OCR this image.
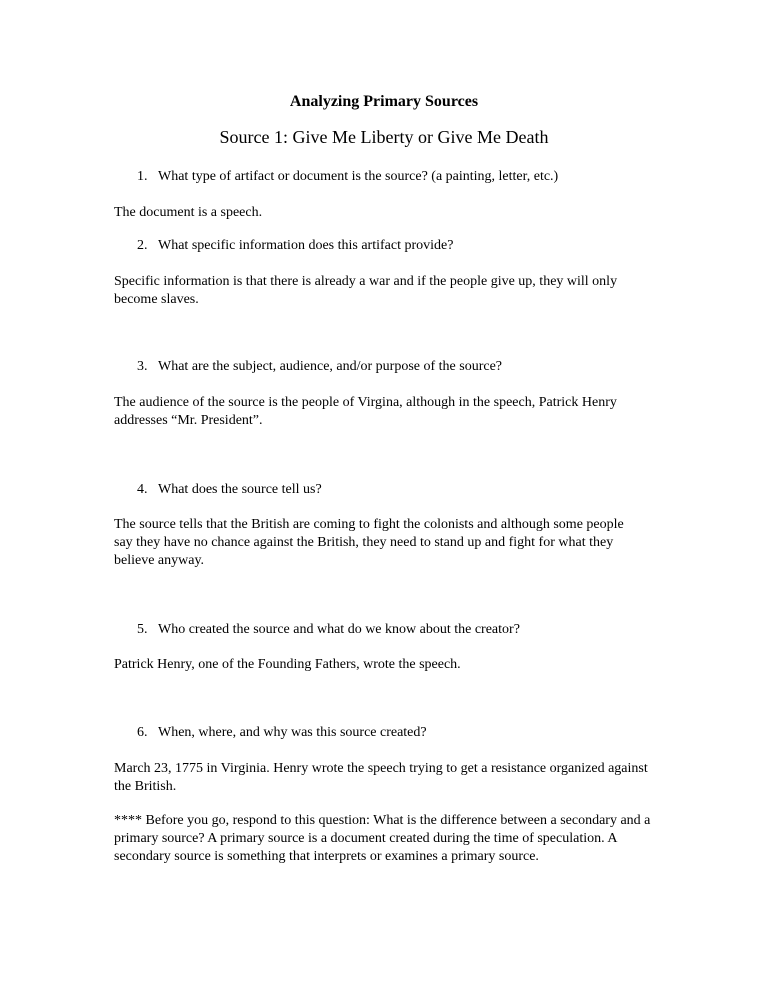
Analyzing Primary Sources
Source 1: Give Me Liberty or Give Me Death
1. What type of artifact or document is the source? (a painting, letter, etc.)
The document is a speech.
2. What specific information does this artifact provide?
Specific information is that there is already a war and if the people give up, they will only become slaves.
3. What are the subject, audience, and/or purpose of the source?
The audience of the source is the people of Virgina, although in the speech, Patrick Henry addresses “Mr. President”.
4. What does the source tell us?
The source tells that the British are coming to fight the colonists and although some people say they have no chance against the British, they need to stand up and fight for what they believe anyway.
5. Who created the source and what do we know about the creator?
Patrick Henry, one of the Founding Fathers, wrote the speech.
6. When, where, and why was this source created?
March 23, 1775 in Virginia. Henry wrote the speech trying to get a resistance organized against the British.
**** Before you go, respond to this question: What is the difference between a secondary and a primary source? A primary source is a document created during the time of speculation. A secondary source is something that interprets or examines a primary source.
